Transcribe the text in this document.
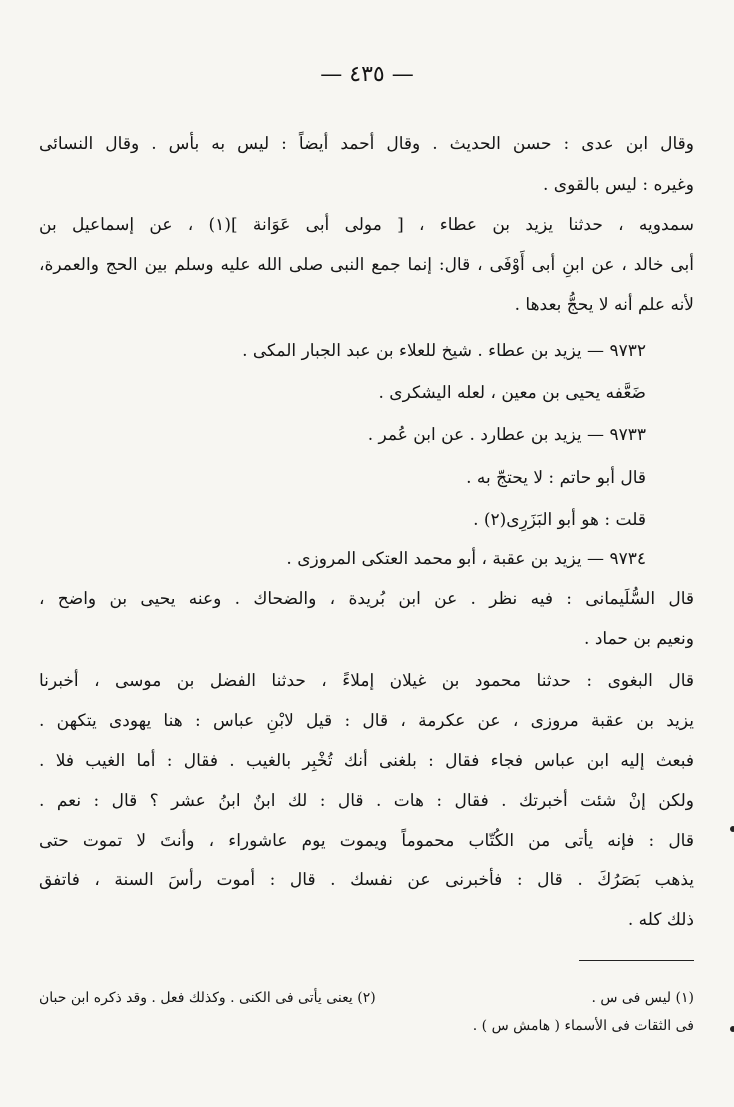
— ٤٣٥ —
وقال ابن عدى : حسن الحديث . وقال أحمد أيضاً : ليس به بأس . وقال النسائى
وغيره : ليس بالقوى .
سمدويه ، حدثنا يزيد بن عطاء ، [ مولى أبى عَوَانة ](١) ، عن إسماعيل بن
أبى خالد ، عن ابنِ أبى أَوْفَى ، قال: إنما جمع النبى صلى الله عليه وسلم بين الحج والعمرة،
لأنه علم أنه لا يحجُّ بعدها .
٩٧٣٢ — يزيد بن عطاء . شيخ للعلاء بن عبد الجبار المكى .
ضَعَّفه يحيى بن معين ، لعله اليشكرى .
٩٧٣٣ — يزيد بن عطارد . عن ابن عُمر .
قال أبو حاتم : لا يحتجّ به .
قلت : هو أبو البَزَرِى(٢) .
٩٧٣٤ — يزيد بن عقبة ، أبو محمد العتكى المروزى .
قال السُّلَيمانى : فيه نظر . عن ابن بُريدة ، والضحاك . وعنه يحيى بن واضح ،
ونعيم بن حماد .
قال البغوى : حدثنا محمود بن غيلان إملاءً ، حدثنا الفضل بن موسى ، أخبرنا
يزيد بن عقبة مروزى ، عن عكرمة ، قال : قيل لابْنِ عباس : هنا يهودى يتكهن .
فبعث إليه ابن عباس فجاء فقال : بلغنى أنك تُخْبِر بالغيب . فقال : أما الغيب فلا .
ولكن إنْ شئت أخبرتك . فقال : هات . قال : لك ابنٌ ابنُ عشر ؟ قال : نعم .
قال : فإنه يأتى من الكُتّاب محموماً ويموت يوم عاشوراء ، وأنتَ لا تموت حتى
يذهب بَصَرُكَ . قال : فأخبرنى عن نفسك . قال : أموت رأسَ السنة ، فاتفق
ذلك كله .
(١) ليس فى س .
(٢) يعنى يأتى فى الكنى . وكذلك فعل . وقد ذكره ابن حبان
فى الثقات فى الأسماء ( هامش س ) .
